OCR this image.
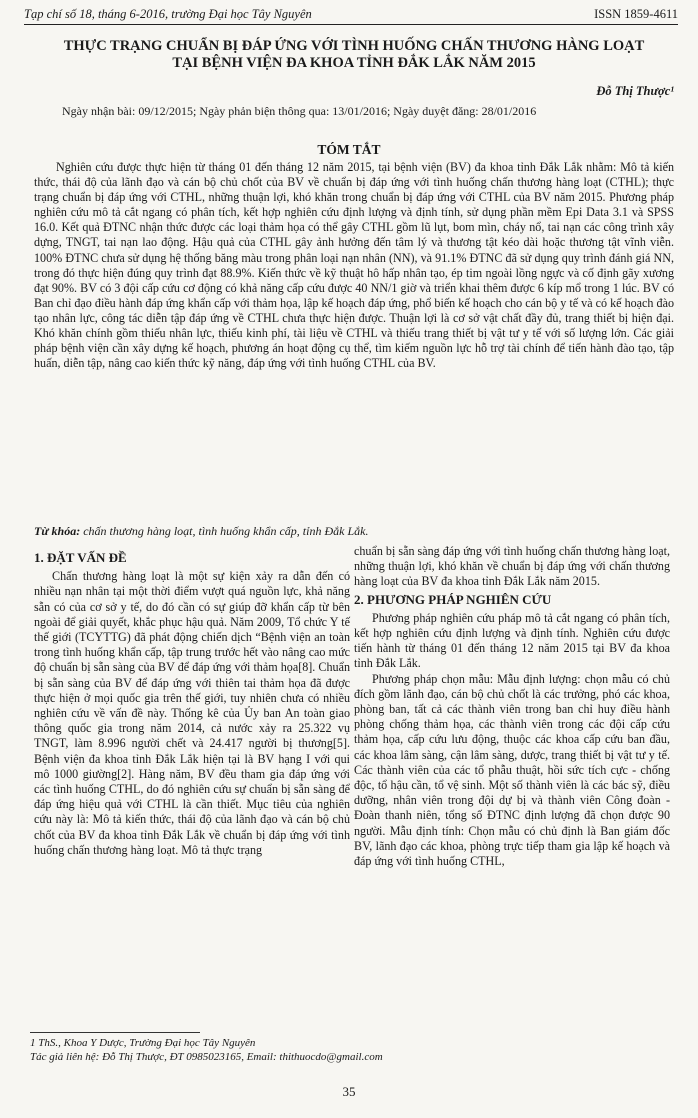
Tạp chí số 18, tháng 6-2016, trường Đại học Tây Nguyên	ISSN 1859-4611
THỰC TRẠNG CHUẨN BỊ ĐÁP ỨNG VỚI TÌNH HUỐNG CHẤN THƯƠNG HÀNG LOẠT TẠI BỆNH VIỆN ĐA KHOA TỈNH ĐẮK LẮK NĂM 2015
Đỗ Thị Thược¹
Ngày nhận bài: 09/12/2015; Ngày phản biện thông qua: 13/01/2016; Ngày duyệt đăng: 28/01/2016
TÓM TẮT
Nghiên cứu được thực hiện từ tháng 01 đến tháng 12 năm 2015, tại bệnh viện (BV) đa khoa tỉnh Đắk Lắk nhằm: Mô tả kiến thức, thái độ của lãnh đạo và cán bộ chủ chốt của BV về chuẩn bị đáp ứng với tình huống chấn thương hàng loạt (CTHL); thực trạng chuẩn bị đáp ứng với CTHL, những thuận lợi, khó khăn trong chuẩn bị đáp ứng với CTHL của BV năm 2015. Phương pháp nghiên cứu mô tả cắt ngang có phân tích, kết hợp nghiên cứu định lượng và định tính, sử dụng phần mềm Epi Data 3.1 và SPSS 16.0. Kết quả ĐTNC nhận thức được các loại thảm họa có thể gây CTHL gồm lũ lụt, bom mìn, cháy nổ, tai nạn các công trình xây dựng, TNGT, tai nạn lao động. Hậu quả của CTHL gây ảnh hưởng đến tâm lý và thương tật kéo dài hoặc thương tật vĩnh viễn. 100% ĐTNC chưa sử dụng hệ thống băng màu trong phân loại nạn nhân (NN), và 91.1% ĐTNC đã sử dụng quy trình đánh giá NN, trong đó thực hiện đúng quy trình đạt 88.9%. Kiến thức về kỹ thuật hô hấp nhân tạo, ép tim ngoài lồng ngực và cố định gãy xương đạt 90%. BV có 3 đội cấp cứu cơ động có khả năng cấp cứu được 40 NN/1 giờ và triển khai thêm được 6 kíp mổ trong 1 lúc. BV có Ban chỉ đạo điều hành đáp ứng khẩn cấp với thảm họa, lập kế hoạch đáp ứng, phổ biến kế hoạch cho cán bộ y tế và có kế hoạch đào tạo nhân lực, công tác diễn tập đáp ứng về CTHL chưa thực hiện được. Thuận lợi là cơ sở vật chất đầy đủ, trang thiết bị hiện đại. Khó khăn chính gồm thiếu nhân lực, thiếu kinh phí, tài liệu về CTHL và thiếu trang thiết bị vật tư y tế với số lượng lớn. Các giải pháp bệnh viện cần xây dựng kế hoạch, phương án hoạt động cụ thể, tìm kiếm nguồn lực hỗ trợ tài chính để tiến hành đào tạo, tập huấn, diễn tập, nâng cao kiến thức kỹ năng, đáp ứng với tình huống CTHL của BV.
Từ khóa: chấn thương hàng loạt, tình huống khẩn cấp, tỉnh Đắk Lắk.
1. ĐẶT VẤN ĐỀ

Chấn thương hàng loạt là một sự kiện xảy ra dẫn đến có nhiều nạn nhân tại một thời điểm vượt quá nguồn lực, khả năng sẵn có của cơ sở y tế, do đó cần có sự giúp đỡ khẩn cấp từ bên ngoài để giải quyết, khắc phục hậu quả. Năm 2009, Tổ chức Y tế thế giới (TCYTTG) đã phát động chiến dịch “Bệnh viện an toàn trong tình huống khẩn cấp, tập trung trước hết vào nâng cao mức độ chuẩn bị sẵn sàng của BV để đáp ứng với thảm họa[8]. Chuẩn bị sẵn sàng của BV để đáp ứng với thiên tai thảm họa đã được thực hiện ở mọi quốc gia trên thế giới, tuy nhiên chưa có nhiều nghiên cứu về vấn đề này. Thống kê của Ủy ban An toàn giao thông quốc gia trong năm 2014, cả nước xảy ra 25.322 vụ TNGT, làm 8.996 người chết và 24.417 người bị thương[5]. Bệnh viện đa khoa tỉnh Đắk Lắk hiện tại là BV hạng I với qui mô 1000 giường[2]. Hàng năm, BV đều tham gia đáp ứng với các tình huống CTHL, do đó nghiên cứu sự chuẩn bị sẵn sàng để đáp ứng hiệu quả với CTHL là cần thiết. Mục tiêu của nghiên cứu này là: Mô tả kiến thức, thái độ của lãnh đạo và cán bộ chủ chốt của BV đa khoa tỉnh Đắk Lắk về chuẩn bị đáp ứng với tình huống chấn thương hàng loạt. Mô tả thực trạng

chuẩn bị sẵn sàng đáp ứng với tình huống chấn thương hàng loạt, những thuận lợi, khó khăn về chuẩn bị đáp ứng với chấn thương hàng loạt của BV đa khoa tỉnh Đắk Lắk năm 2015.

2. PHƯƠNG PHÁP NGHIÊN CỨU

Phương pháp nghiên cứu pháp mô tả cắt ngang có phân tích, kết hợp nghiên cứu định lượng và định tính. Nghiên cứu được tiến hành từ tháng 01 đến tháng 12 năm 2015 tại BV đa khoa tỉnh Đắk Lắk.

Phương pháp chọn mẫu: Mẫu định lượng: chọn mẫu có chủ đích gồm lãnh đạo, cán bộ chủ chốt là các trưởng, phó các khoa, phòng ban, tất cả các thành viên trong ban chỉ huy điều hành phòng chống thảm họa, các thành viên trong các đội cấp cứu thảm họa, cấp cứu lưu động, thuộc các khoa cấp cứu ban đầu, các khoa lâm sàng, cận lâm sàng, dược, trang thiết bị vật tư y tế. Các thành viên của các tổ phẫu thuật, hồi sức tích cực - chống độc, tổ hậu cần, tổ vệ sinh. Một số thành viên là các bác sỹ, điều dưỡng, nhân viên trong đội dự bị và thành viên Công đoàn - Đoàn thanh niên, tổng số ĐTNC định lượng đã chọn được 90 người. Mẫu định tính: Chọn mẫu có chủ định là Ban giám đốc BV, lãnh đạo các khoa, phòng trực tiếp tham gia lập kế hoạch và đáp ứng với tình huống CTHL,

1 ThS., Khoa Y Dược, Trường Đại học Tây Nguyên
Tác giả liên hệ: Đỗ Thị Thược, ĐT 0985023165, Email: thithuocdo@gmail.com
35
